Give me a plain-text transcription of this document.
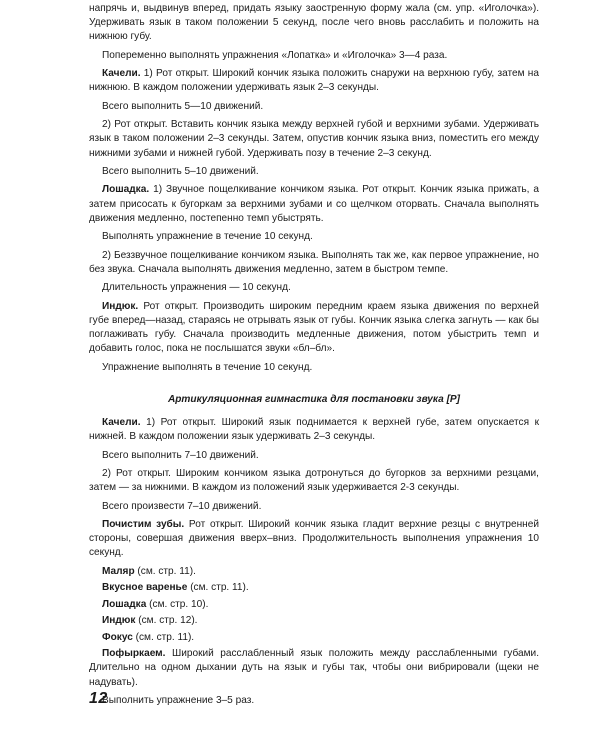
напрячь и, выдвинув вперед, придать языку заостренную форму жала (см. упр. «Иголочка»). Удерживать язык в таком положении 5 секунд, после чего вновь расслабить и положить на нижнюю губу.

Попеременно выполнять упражнения «Лопатка» и «Иголочка» 3—4 раза.

Качели. 1) Рот открыт. Широкий кончик языка положить снаружи на верхнюю губу, затем на нижнюю. В каждом положении удерживать язык 2–3 секунды.

Всего выполнить 5—10 движений.

2) Рот открыт. Вставить кончик языка между верхней губой и верхними зубами. Удерживать язык в таком положении 2–3 секунды. Затем, опустив кончик языка вниз, поместить его между нижними зубами и нижней губой. Удерживать позу в течение 2–3 секунд.

Всего выполнить 5–10 движений.

Лошадка. 1) Звучное пощелкивание кончиком языка. Рот открыт. Кончик языка прижать, а затем присосать к бугоркам за верхними зубами и со щелчком оторвать. Сначала выполнять движения медленно, постепенно темп убыстрять.

Выполнять упражнение в течение 10 секунд.

2) Беззвучное пощелкивание кончиком языка. Выполнять так же, как первое упражнение, но без звука. Сначала выполнять движения медленно, затем в быстром темпе.

Длительность упражнения — 10 секунд.

Индюк. Рот открыт. Производить широким передним краем языка движения по верхней губе вперед—назад, стараясь не отрывать язык от губы. Кончик языка слегка загнуть — как бы поглаживать губу. Сначала производить медленные движения, потом убыстрить темп и добавить голос, пока не послышатся звуки «бл–бл».

Упражнение выполнять в течение 10 секунд.

Артикуляционная гимнастика для постановки звука [Р]

Качели. 1) Рот открыт. Широкий язык поднимается к верхней губе, затем опускается к нижней. В каждом положении язык удерживать 2–3 секунды.

Всего выполнить 7–10 движений.

2) Рот открыт. Широким кончиком языка дотронуться до бугорков за верхними резцами, затем — за нижними. В каждом из положений язык удерживается 2-3 секунды.

Всего произвести 7–10 движений.

Почистим зубы. Рот открыт. Широкий кончик языка гладит верхние резцы с внутренней стороны, совершая движения вверх–вниз. Продолжительность выполнения упражнения 10 секунд.

Маляр (см. стр. 11).

Вкусное варенье (см. стр. 11).

Лошадка (см. стр. 10).

Индюк (см. стр. 12).

Фокус (см. стр. 11).

Пофыркаем. Широкий расслабленный язык положить между расслабленными губами. Длительно на одном дыхании дуть на язык и губы так, чтобы они вибрировали (щеки не надувать).

Выполнить упражнение 3–5 раз.

12
